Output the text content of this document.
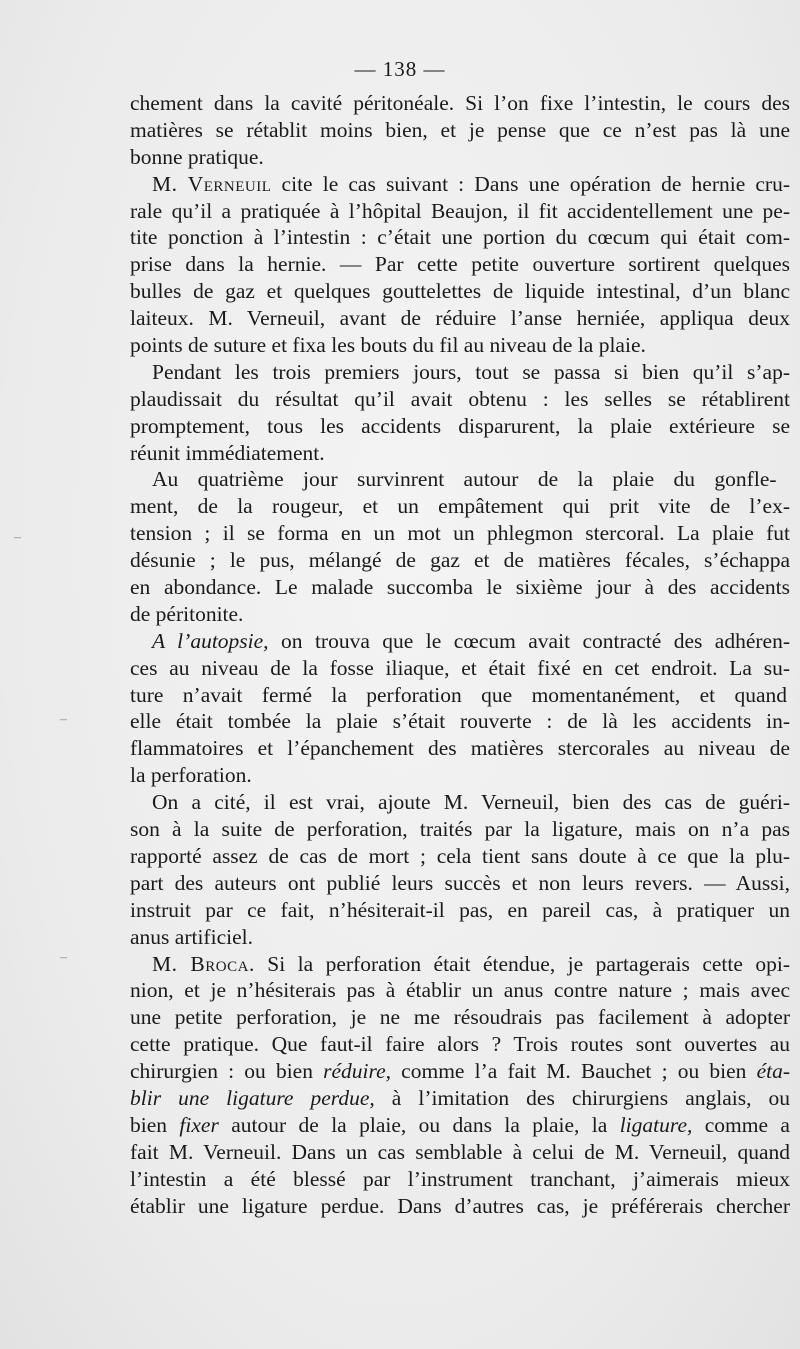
— 138 —
chement dans la cavité péritonéale. Si l’on fixe l’intestin, le cours des
matières se rétablit moins bien, et je pense que ce n’est pas là une
bonne pratique.
M. Verneuil cite le cas suivant : Dans une opération de hernie cru-
rale qu’il a pratiquée à l’hôpital Beaujon, il fit accidentellement une pe-
tite ponction à l’intestin : c’était une portion du cœcum qui était com-
prise dans la hernie. — Par cette petite ouverture sortirent quelques
bulles de gaz et quelques gouttelettes de liquide intestinal, d’un blanc
laiteux. M. Verneuil, avant de réduire l’anse herniée, appliqua deux
points de suture et fixa les bouts du fil au niveau de la plaie.
Pendant les trois premiers jours, tout se passa si bien qu’il s’ap-
plaudissait du résultat qu’il avait obtenu : les selles se rétablirent
promptement, tous les accidents disparurent, la plaie extérieure se
réunit immédiatement.
Au quatrième jour survinrent autour de la plaie du gonfle-
ment, de la rougeur, et un empâtement qui prit vite de l’ex-
tension ; il se forma en un mot un phlegmon stercoral. La plaie fut
désunie ; le pus, mélangé de gaz et de matières fécales, s’échappa
en abondance. Le malade succomba le sixième jour à des accidents
de péritonite.
A l’autopsie, on trouva que le cœcum avait contracté des adhéren-
ces au niveau de la fosse iliaque, et était fixé en cet endroit. La su-
ture n’avait fermé la perforation que momentanément, et quand
elle était tombée la plaie s’était rouverte : de là les accidents in-
flammatoires et l’épanchement des matières stercorales au niveau de
la perforation.
On a cité, il est vrai, ajoute M. Verneuil, bien des cas de guéri-
son à la suite de perforation, traités par la ligature, mais on n’a pas
rapporté assez de cas de mort ; cela tient sans doute à ce que la plu-
part des auteurs ont publié leurs succès et non leurs revers. — Aussi,
instruit par ce fait, n’hésiterait-il pas, en pareil cas, à pratiquer un
anus artificiel.
M. Broca. Si la perforation était étendue, je partagerais cette opi-
nion, et je n’hésiterais pas à établir un anus contre nature ; mais avec
une petite perforation, je ne me résoudrais pas facilement à adopter
cette pratique. Que faut-il faire alors ? Trois routes sont ouvertes au
chirurgien : ou bien réduire, comme l’a fait M. Bauchet ; ou bien éta-
blir une ligature perdue, à l’imitation des chirurgiens anglais, ou
bien fixer autour de la plaie, ou dans la plaie, la ligature, comme a
fait M. Verneuil. Dans un cas semblable à celui de M. Verneuil, quand
l’intestin a été blessé par l’instrument tranchant, j’aimerais mieux
établir une ligature perdue. Dans d’autres cas, je préférerais chercher
–
–
–
